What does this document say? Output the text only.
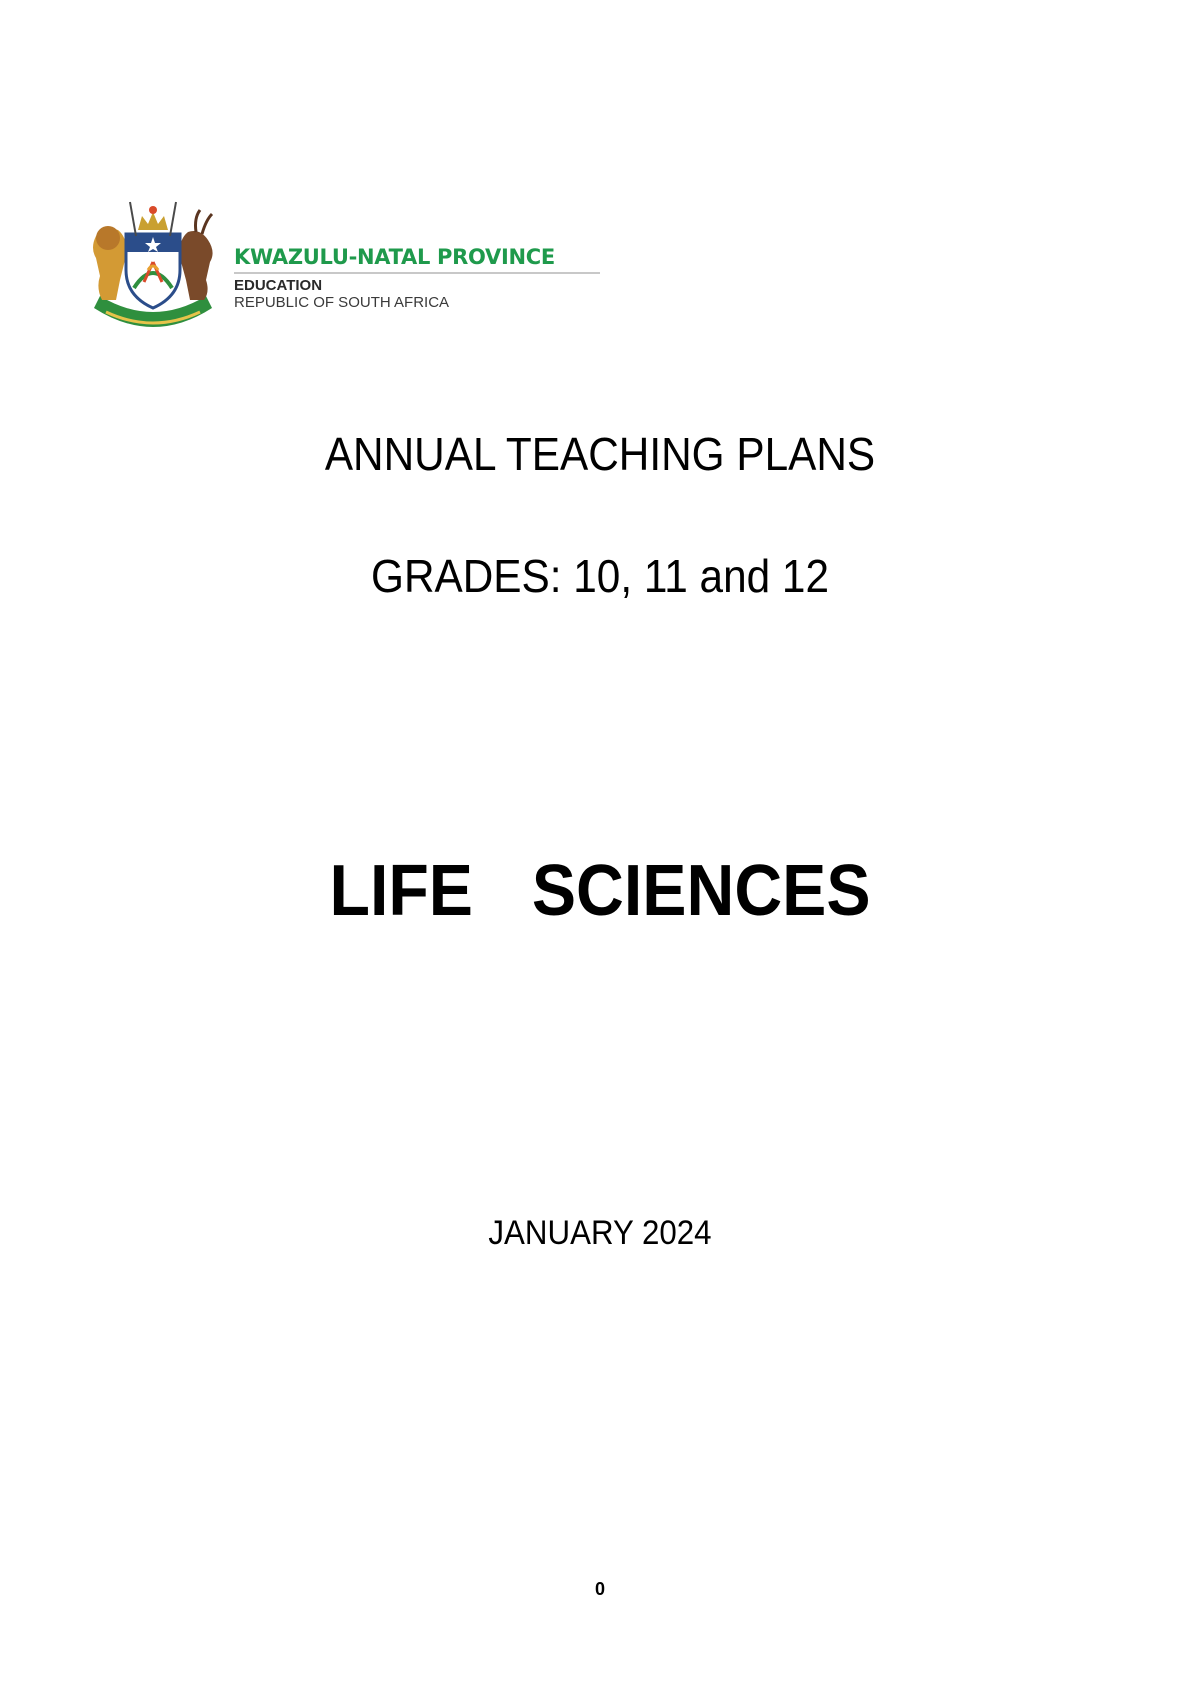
KWAZULU-NATAL PROVINCE
EDUCATION
REPUBLIC OF SOUTH AFRICA
ANNUAL TEACHING PLANS
GRADES: 10, 11 and 12
LIFE  SCIENCES
JANUARY 2024
0
